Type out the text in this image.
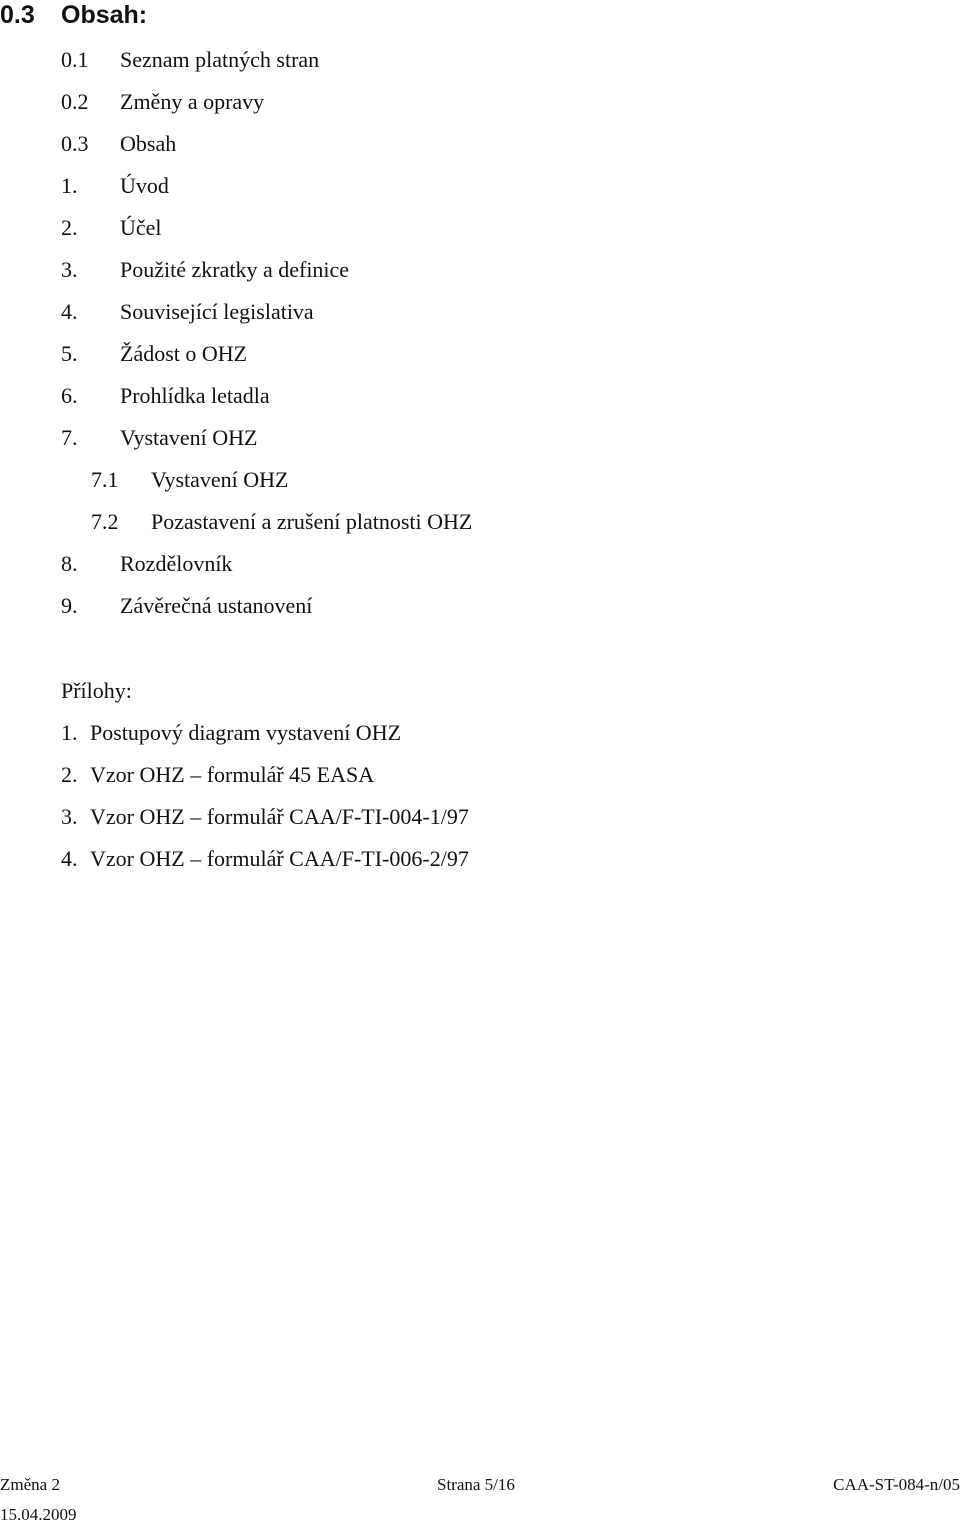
0.3 Obsah:
0.1 Seznam platných stran
0.2 Změny a opravy
0.3 Obsah
1. Úvod
2. Účel
3. Použité zkratky a definice
4. Související legislativa
5. Žádost o OHZ
6. Prohlídka letadla
7. Vystavení OHZ
7.1 Vystavení OHZ
7.2 Pozastavení a zrušení platnosti OHZ
8. Rozdělovník
9. Závěrečná ustanovení
Přílohy:
1. Postupový diagram vystavení OHZ
2. Vzor OHZ – formulář 45 EASA
3. Vzor OHZ – formulář CAA/F-TI-004-1/97
4. Vzor OHZ – formulář CAA/F-TI-006-2/97
Změna 2	Strana 5/16	CAA-ST-084-n/05
15.04.2009
